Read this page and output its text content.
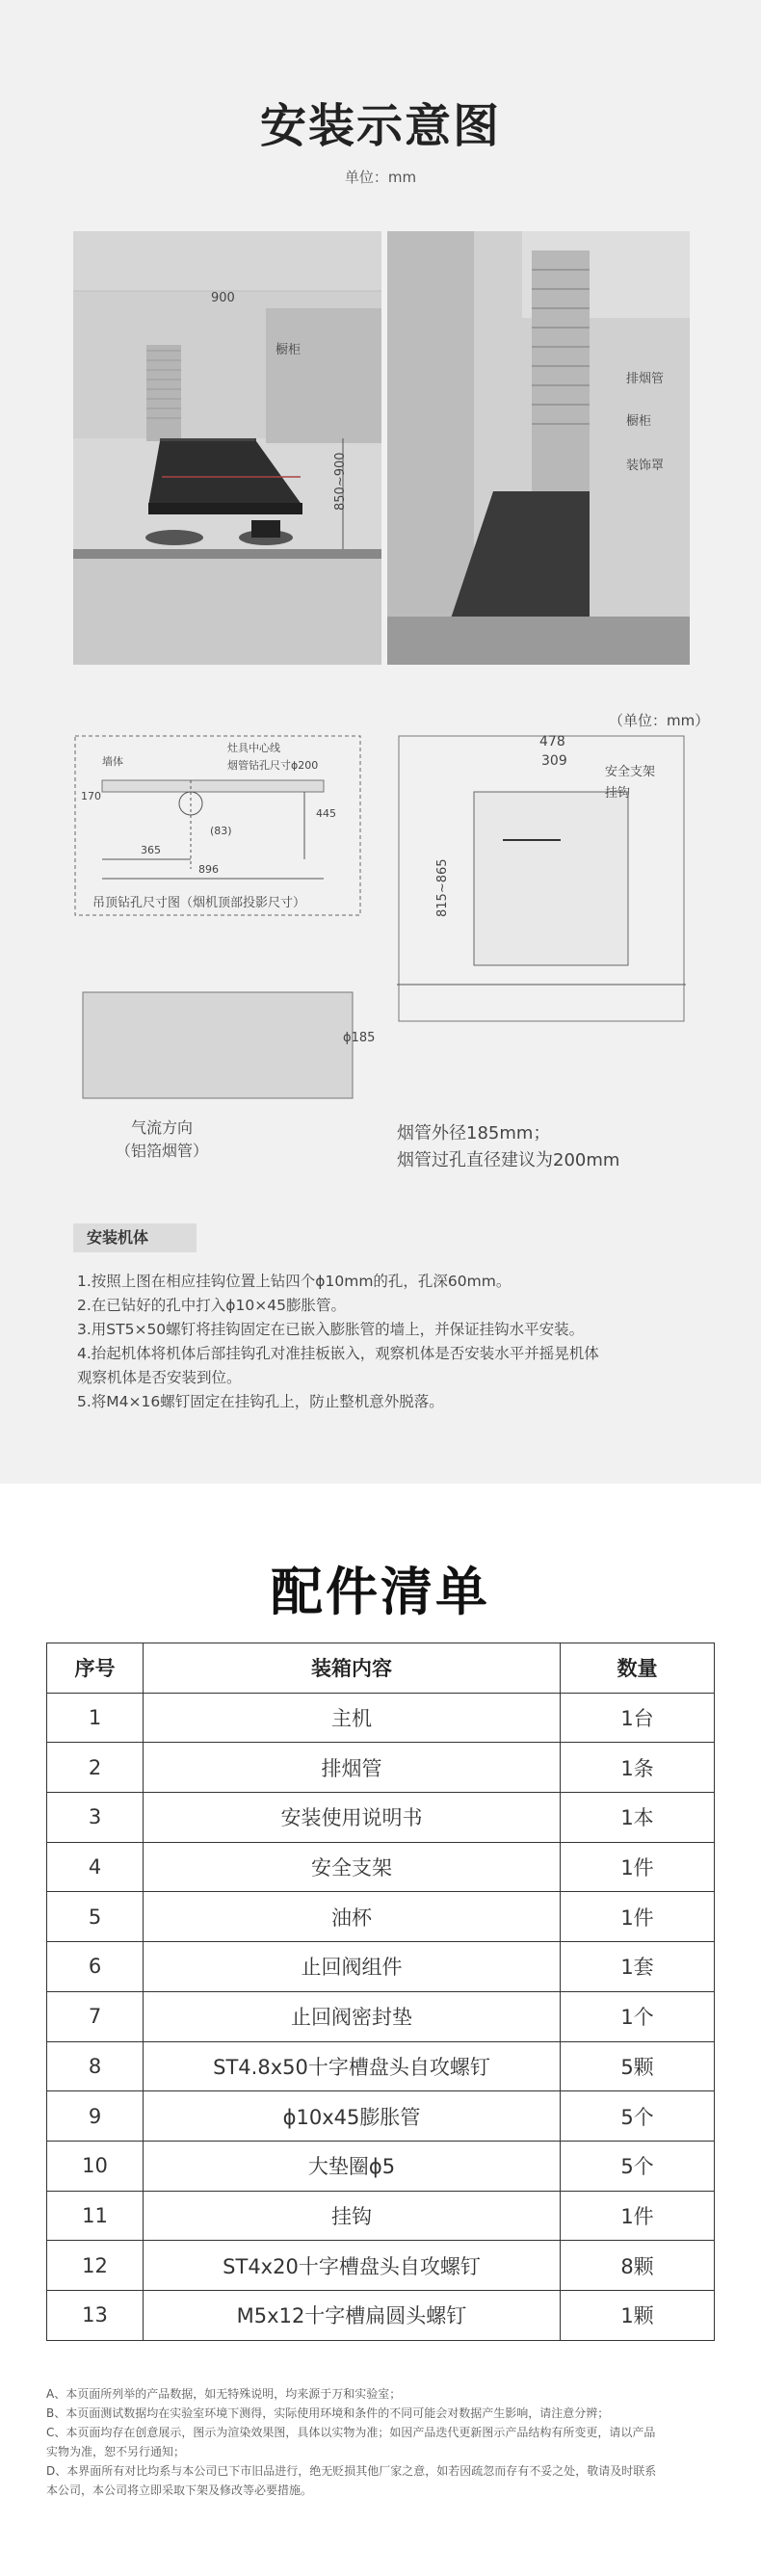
安装示意图
单位：mm
900
橱柜
850~900
排烟管
橱柜
装饰罩
（单位：mm）
墙体
灶具中心线
烟管钻孔尺寸ϕ200
170
(83)
445
365
896
吊顶钻孔尺寸图（烟机顶部投影尺寸）
478
309
安全支架
挂钩
815~865
ϕ185
气流方向
（铝箔烟管）
烟管外径185mm；
烟管过孔直径建议为200mm
安装机体
1.按照上图在相应挂钩位置上钻四个ϕ10mm的孔，孔深60mm。
2.在已钻好的孔中打入ϕ10×45膨胀管。
3.用ST5×50螺钉将挂钩固定在已嵌入膨胀管的墙上，并保证挂钩水平安装。
4.抬起机体将机体后部挂钩孔对准挂板嵌入，观察机体是否安装水平并摇晃机体
观察机体是否安装到位。
5.将M4×16螺钉固定在挂钩孔上，防止整机意外脱落。
配件清单
序号	装箱内容	数量
1	主机	1台
2	排烟管	1条
3	安装使用说明书	1本
4	安全支架	1件
5	油杯	1件
6	止回阀组件	1套
7	止回阀密封垫	1个
8	ST4.8x50十字槽盘头自攻螺钉	5颗
9	ϕ10x45膨胀管	5个
10	大垫圈ϕ5	5个
11	挂钩	1件
12	ST4x20十字槽盘头自攻螺钉	8颗
13	M5x12十字槽扁圆头螺钉	1颗
A、本页面所列举的产品数据，如无特殊说明，均来源于万和实验室；
B、本页面测试数据均在实验室环境下测得，实际使用环境和条件的不同可能会对数据产生影响，请注意分辨；
C、本页面均存在创意展示，图示为渲染效果图，具体以实物为准；如因产品迭代更新图示产品结构有所变更，请以产品
实物为准，恕不另行通知；
D、本界面所有对比均系与本公司已下市旧品进行，绝无贬损其他厂家之意，如若因疏忽而存有不妥之处，敬请及时联系
本公司，本公司将立即采取下架及修改等必要措施。
